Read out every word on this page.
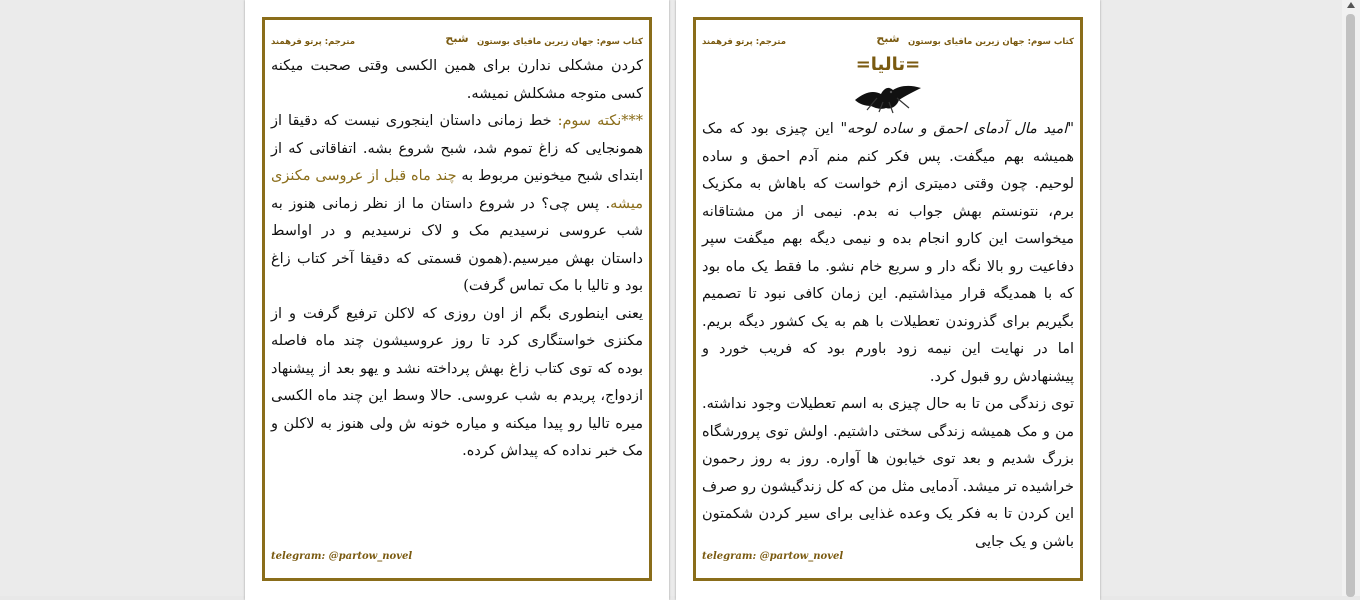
مترجم: پرتو فرهمند	شبح کتاب سوم: جهان زیرین مافیای بوستون

کردن مشکلی ندارن برای همین الکسی وقتی صحبت میکنه کسی متوجه مشکلش نمیشه.

***نکته سوم: خط زمانی داستان اینجوری نیست که دقیقا از همونجایی که زاغ تموم شد، شبح شروع بشه. اتفاقاتی که از ابتدای شبح میخونین مربوط به چند ماه قبل از عروسی مکنزی میشه. پس چی؟ در شروع داستان ما از نظر زمانی هنوز به شب عروسی نرسیدیم مک و لاک نرسیدیم و در اواسط داستان بهش میرسیم.(همون قسمتی که دقیقا آخر کتاب زاغ بود و تالیا با مک تماس گرفت)

یعنی اینطوری بگم از اون روزی که لاکلن ترفیع گرفت و از مکنزی خواستگاری کرد تا روز عروسیشون چند ماه فاصله بوده که توی کتاب زاغ بهش پرداخته نشد و یهو بعد از پیشنهاد ازدواج، پریدم به شب عروسی. حالا وسط این چند ماه الکسی میره تالیا رو پیدا میکنه و میاره خونه ش ولی هنوز به لاکلن و مک خبر نداده که پیداش کرده.

telegram: @partow_novel
مترجم: پرتو فرهمند	شبح کتاب سوم: جهان زیرین مافیای بوستون
=تالیا=

"امید مال آدمای احمق و ساده لوحه" این چیزی بود که مک همیشه بهم میگفت. پس فکر کنم منم آدم احمق و ساده لوحیم. چون وقتی دمیتری ازم خواست که باهاش به مکزیک برم، نتونستم بهش جواب نه بدم. نیمی از من مشتاقانه میخواست این کارو انجام بده و نیمی دیگه بهم میگفت سپر دفاعیت رو بالا نگه دار و سریع خام نشو. ما فقط یک ماه بود که با همدیگه قرار میذاشتیم. این زمان کافی نبود تا تصمیم بگیریم برای گذروندن تعطیلات با هم به یک کشور دیگه بریم. اما در نهایت این نیمه زود باورم بود که فریب خورد و پیشنهادش رو قبول کرد.

توی زندگی من تا به حال چیزی به اسم تعطیلات وجود نداشته. من و مک همیشه زندگی سختی داشتیم. اولش توی پرورشگاه بزرگ شدیم و بعد توی خیابون ها آواره. روز به روز رحمون خراشیده تر میشد. آدمایی مثل من که کل زندگیشون رو صرف این کردن تا به فکر یک وعده غذایی برای سیر کردن شکمتون باشن و یک جایی

telegram: @partow_novel
